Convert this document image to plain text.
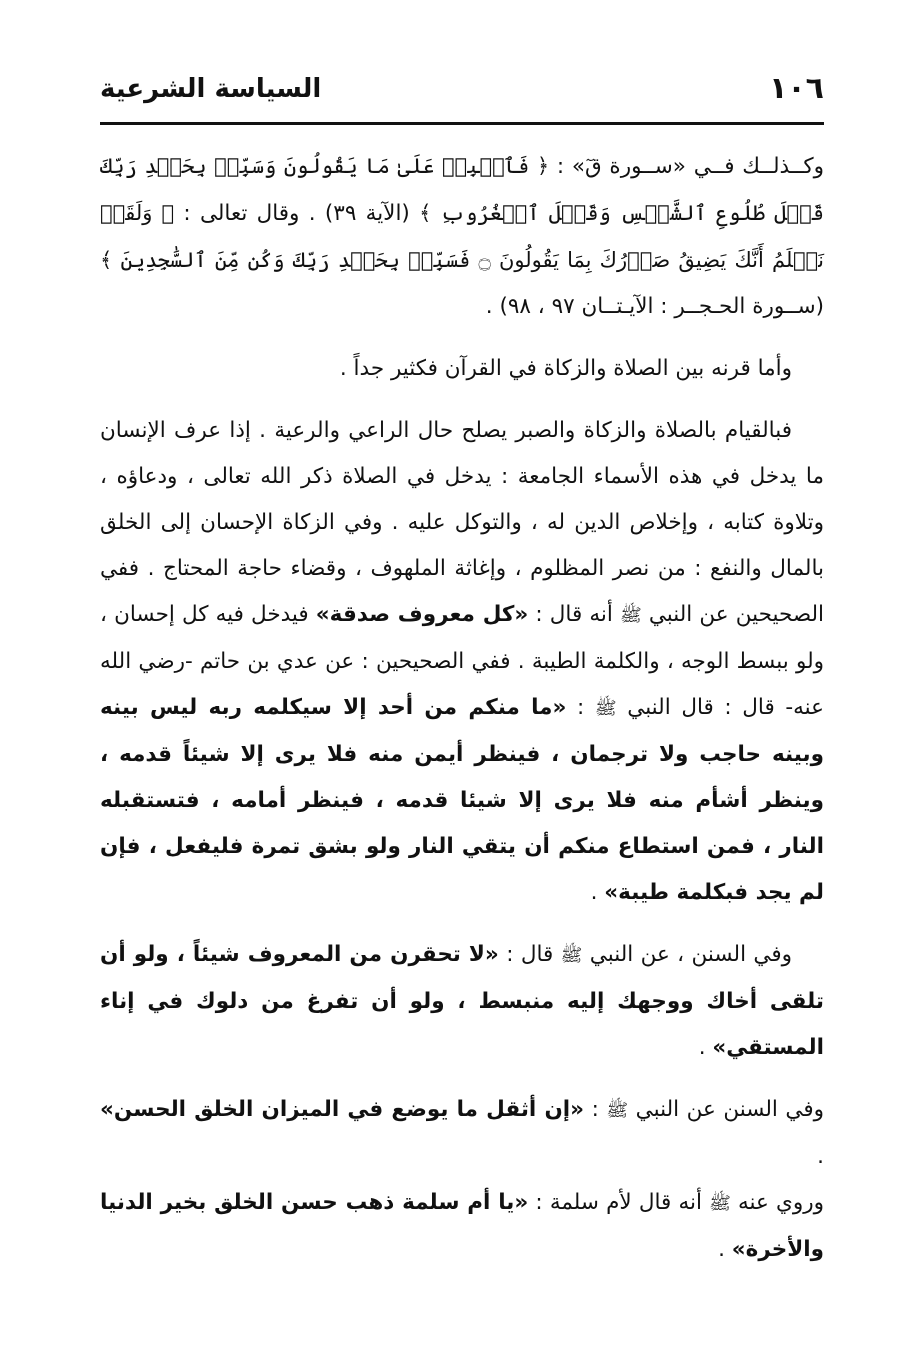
١٠٦
السياسة الشرعية

وكــذلــك فــي «ســورة قٓ» : ﴿ فَٱصۡبِرۡ عَلَىٰ مَا يَقُولُونَ وَسَبِّحۡ بِحَمۡدِ رَبِّكَ قَبۡلَ طُلُوعِ ٱلشَّمۡسِ وَقَبۡلَ ٱلۡغُرُوبِ ﴾ (الآية ٣٩) . وقال تعالى : ﴿ وَلَقَدۡ نَعۡلَمُ أَنَّكَ يَضِيقُ صَدۡرُكَ بِمَا يَقُولُونَ ۝ فَسَبِّحۡ بِحَمۡدِ رَبِّكَ وَكُن مِّنَ ٱلسَّٰجِدِينَ ﴾ (ســورة الحـجــر : الآيـتــان ٩٧ ، ٩٨) .

وأما قرنه بين الصلاة والزكاة في القرآن فكثير جداً .

فبالقيام بالصلاة والزكاة والصبر يصلح حال الراعي والرعية . إذا عرف الإنسان ما يدخل في هذه الأسماء الجامعة : يدخل في الصلاة ذكر الله تعالى ، ودعاؤه ، وتلاوة كتابه ، وإخلاص الدين له ، والتوكل عليه . وفي الزكاة الإحسان إلى الخلق بالمال والنفع : من نصر المظلوم ، وإغاثة الملهوف ، وقضاء حاجة المحتاج . ففي الصحيحين عن النبي ﷺ أنه قال : «كل معروف صدقة» فيدخل فيه كل إحسان ، ولو ببسط الوجه ، والكلمة الطيبة . ففي الصحيحين : عن عدي بن حاتم -رضي الله عنه- قال : قال النبي ﷺ : «ما منكم من أحد إلا سيكلمه ربه ليس بينه وبينه حاجب ولا ترجمان ، فينظر أيمن منه فلا يرى إلا شيئاً قدمه ، وينظر أشأم منه فلا يرى إلا شيئا قدمه ، فينظر أمامه ، فتستقبله النار ، فمن استطاع منكم أن يتقي النار ولو بشق تمرة فليفعل ، فإن لم يجد فبكلمة طيبة» .

وفي السنن ، عن النبي ﷺ قال : «لا تحقرن من المعروف شيئاً ، ولو أن تلقى أخاك ووجهك إليه منبسط ، ولو أن تفرغ من دلوك في إناء المستقي» .

وفي السنن عن النبي ﷺ : «إن أثقل ما يوضع في الميزان الخلق الحسن» .

وروي عنه ﷺ أنه قال لأم سلمة : «يا أم سلمة ذهب حسن الخلق بخير الدنيا والأخرة» .
